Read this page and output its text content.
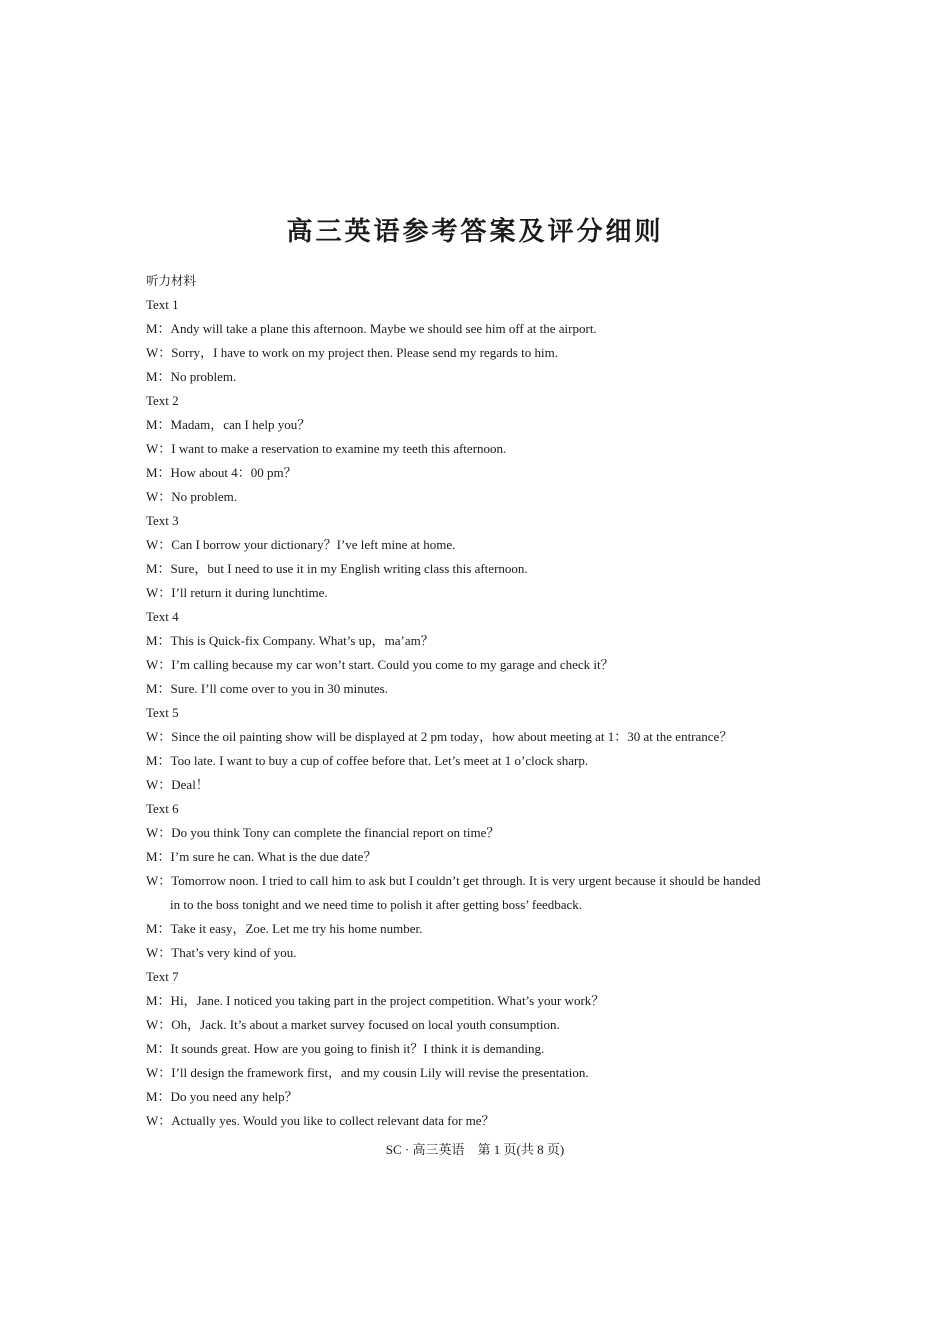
高三英语参考答案及评分细则
听力材料
Text 1
M：Andy will take a plane this afternoon. Maybe we should see him off at the airport.
W：Sorry，I have to work on my project then. Please send my regards to him.
M：No problem.
Text 2
M：Madam，can I help you？
W：I want to make a reservation to examine my teeth this afternoon.
M：How about 4：00 pm？
W：No problem.
Text 3
W：Can I borrow your dictionary？I’ve left mine at home.
M：Sure，but I need to use it in my English writing class this afternoon.
W：I’ll return it during lunchtime.
Text 4
M：This is Quick-fix Company. What’s up，ma’am？
W：I’m calling because my car won’t start. Could you come to my garage and check it？
M：Sure. I’ll come over to you in 30 minutes.
Text 5
W：Since the oil painting show will be displayed at 2 pm today，how about meeting at 1：30 at the entrance？
M：Too late. I want to buy a cup of coffee before that. Let’s meet at 1 o’clock sharp.
W：Deal！
Text 6
W：Do you think Tony can complete the financial report on time？
M：I’m sure he can. What is the due date？
W：Tomorrow noon. I tried to call him to ask but I couldn’t get through. It is very urgent because it should be handed
in to the boss tonight and we need time to polish it after getting boss’ feedback.
M：Take it easy，Zoe. Let me try his home number.
W：That’s very kind of you.
Text 7
M：Hi，Jane. I noticed you taking part in the project competition. What’s your work？
W：Oh，Jack. It’s about a market survey focused on local youth consumption.
M：It sounds great. How are you going to finish it？I think it is demanding.
W：I’ll design the framework first，and my cousin Lily will revise the presentation.
M：Do you need any help？
W：Actually yes. Would you like to collect relevant data for me？
SC · 高三英语　第 1 页(共 8 页)
